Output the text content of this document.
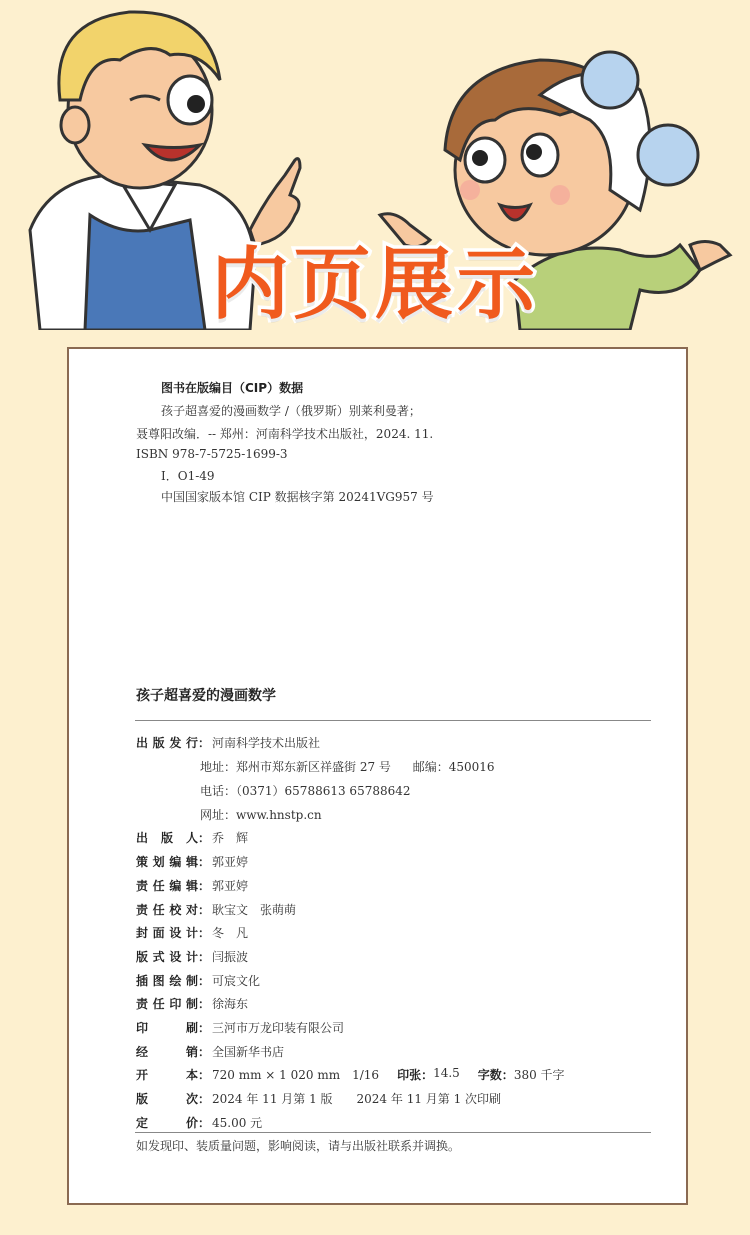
内页展示
图书在版编目（CIP）数据
孩子超喜爱的漫画数学 /（俄罗斯）别莱利曼著；
聂尊阳改编．-- 郑州：河南科学技术出版社，2024. 11.
ISBN 978-7-5725-1699-3
Ⅰ．O1-49
中国国家版本馆 CIP 数据核字第 20241VG957 号
孩子超喜爱的漫画数学
出版发行 ： 河南科学技术出版社
地址：郑州市郑东新区祥盛街 27 号 邮编：450016
电话：（0371）65788613 65788642
网址：www.hnstp.cn
出版人 ： 乔　辉
策划编辑 ： 郭亚婷
责任编辑 ： 郭亚婷
责任校对 ： 耿宝文　张萌萌
封面设计 ： 冬　凡
版式设计 ： 闫振波
插图绘制 ： 可宸文化
责任印制 ： 徐海东
印刷 ： 三河市万龙印装有限公司
经销 ： 全国新华书店
开本 ： 720 mm × 1 020 mm　1/16 印张： 14.5 字数： 380 千字
版次 ： 2024 年 11 月第 1 版　　2024 年 11 月第 1 次印刷
定价 ： 45.00 元
如发现印、装质量问题，影响阅读，请与出版社联系并调换。
